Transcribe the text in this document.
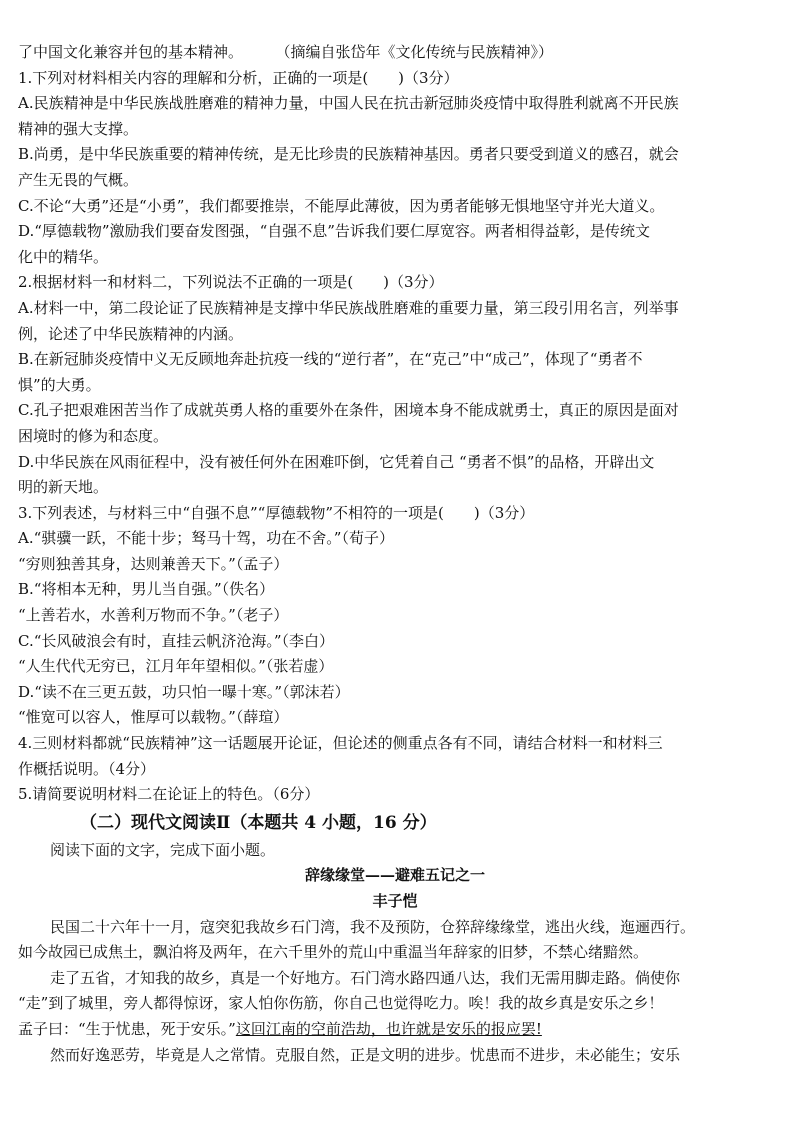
了中国文化兼容并包的基本精神。	（摘编自张岱年《文化传统与民族精神》）
1.下列对材料相关内容的理解和分析，正确的一项是(　　)（3分）
A.民族精神是中华民族战胜磨难的精神力量，中国人民在抗击新冠肺炎疫情中取得胜利就离不开民族
精神的强大支撑。
B.尚勇，是中华民族重要的精神传统，是无比珍贵的民族精神基因。勇者只要受到道义的感召，就会
产生无畏的气概。
C.不论“大勇”还是“小勇”，我们都要推崇，不能厚此薄彼，因为勇者能够无惧地坚守并光大道义。
D.“厚德载物”激励我们要奋发图强，“自强不息”告诉我们要仁厚宽容。两者相得益彰，是传统文
化中的精华。
2.根据材料一和材料二，下列说法不正确的一项是(　　)（3分）
A.材料一中，第二段论证了民族精神是支撑中华民族战胜磨难的重要力量，第三段引用名言，列举事
例，论述了中华民族精神的内涵。
B.在新冠肺炎疫情中义无反顾地奔赴抗疫一线的“逆行者”，在“克己”中“成己”，体现了“勇者不
惧”的大勇。
C.孔子把艰难困苦当作了成就英勇人格的重要外在条件，困境本身不能成就勇士，真正的原因是面对
困境时的修为和态度。
D.中华民族在风雨征程中，没有被任何外在困难吓倒，它凭着自己 “勇者不惧”的品格，开辟出文
明的新天地。
3.下列表述，与材料三中“自强不息”“厚德载物”不相符的一项是(　　)（3分）
A.“骐骥一跃，不能十步；驽马十驾，功在不舍。”（荀子）
“穷则独善其身，达则兼善天下。”（孟子）
B.“将相本无种，男儿当自强。”（佚名）
“上善若水，水善利万物而不争。”（老子）
C.“长风破浪会有时，直挂云帆济沧海。”（李白）
“人生代代无穷已，江月年年望相似。”（张若虚）
D.“读不在三更五鼓，功只怕一曝十寒。”（郭沫若）
“惟宽可以容人，惟厚可以载物。”（薛瑄）
4.三则材料都就“民族精神”这一话题展开论证，但论述的侧重点各有不同，请结合材料一和材料三
作概括说明。（4分）
5.请简要说明材料二在论证上的特色。（6分）
（二）现代文阅读Ⅱ（本题共 4 小题，16 分）
阅读下面的文字，完成下面小题。
辞缘缘堂——避难五记之一
丰子恺
民国二十六年十一月，寇突犯我故乡石门湾，我不及预防，仓猝辞缘缘堂，逃出火线，迤逦西行。
如今故园已成焦土，飘泊将及两年，在六千里外的荒山中重温当年辞家的旧梦，不禁心绪黯然。
走了五省，才知我的故乡，真是一个好地方。石门湾水路四通八达，我们无需用脚走路。倘使你
“走”到了城里，旁人都得惊讶，家人怕你伤筋，你自己也觉得吃力。唉！我的故乡真是安乐之乡！
孟子曰：“生于忧患，死于安乐。”这回江南的空前浩劫，也许就是安乐的报应罢!
然而好逸恶劳，毕竟是人之常情。克服自然，正是文明的进步。忧患而不进步，未必能生；安乐
